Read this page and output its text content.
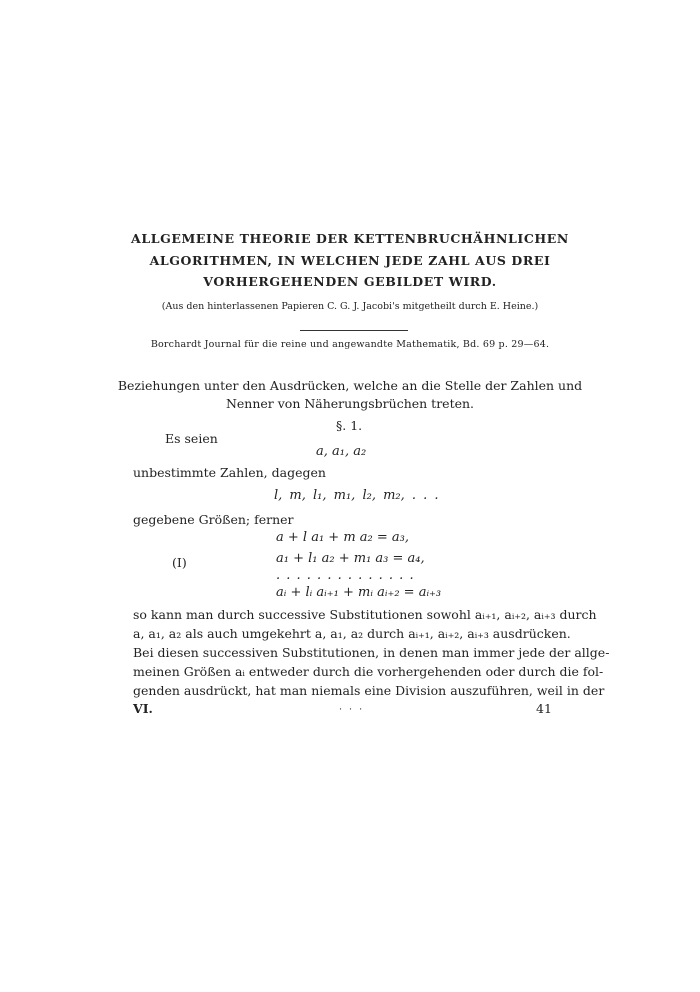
ALLGEMEINE THEORIE DER KETTENBRUCHÄHNLICHEN
ALGORITHMEN, IN WELCHEN JEDE ZAHL AUS DREI
VORHERGEHENDEN GEBILDET WIRD.
(Aus den hinterlassenen Papieren C. G. J. Jacobi's mitgetheilt durch E. Heine.)
Borchardt Journal für die reine und angewandte Mathematik, Bd. 69 p. 29—64.
Beziehungen unter den Ausdrücken, welche an die Stelle der Zahlen und
Nenner von Näherungsbrüchen treten.
§. 1.
Es seien
a, a₁, a₂
unbestimmte Zahlen, dagegen
l, m, l₁, m₁, l₂, m₂, . . .
gegebene Größen; ferner
(I)
a + l a₁ + m a₂ = a₃,
a₁ + l₁ a₂ + m₁ a₃ = a₄,
. . . . . . . . . . . . . .
aᵢ + lᵢ aᵢ₊₁ + mᵢ aᵢ₊₂ = aᵢ₊₃
so kann man durch successive Substitutionen sowohl aᵢ₊₁, aᵢ₊₂, aᵢ₊₃ durch
a, a₁, a₂ als auch umgekehrt a, a₁, a₂ durch aᵢ₊₁, aᵢ₊₂, aᵢ₊₃ ausdrücken.
Bei diesen successiven Substitutionen, in denen man immer jede der allge-
meinen Größen aᵢ entweder durch die vorhergehenden oder durch die fol-
genden ausdrückt, hat man niemals eine Division auszuführen, weil in der
VI.	· · ·	41
